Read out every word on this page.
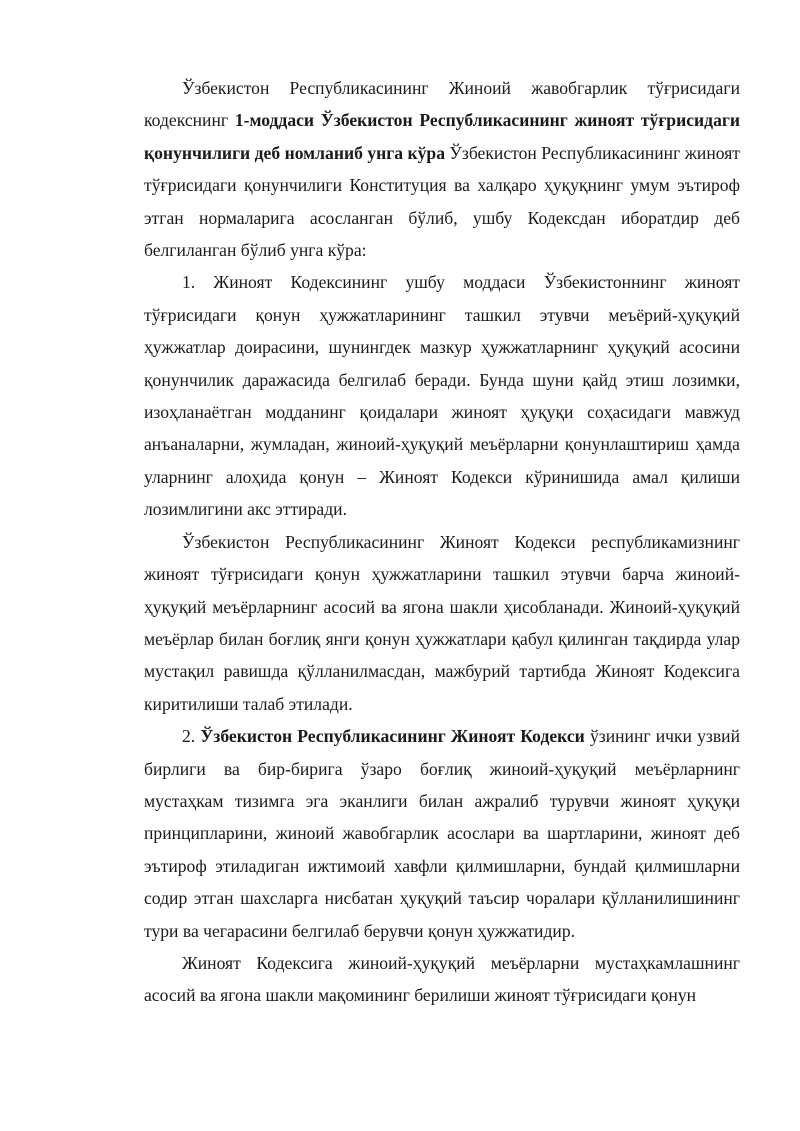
Ўзбекистон Республикасининг Жиноий жавобгарлик тўғрисидаги кодекснинг 1-моддаси Ўзбекистон Республикасининг жиноят тўғрисидаги қонунчилиги деб номланиб унга кўра Ўзбекистон Республикасининг жиноят тўғрисидаги қонунчилиги Конституция ва халқаро ҳуқуқнинг умум эътироф этган нормаларига асосланган бўлиб, ушбу Кодексдан иборатдир деб белгиланган бўлиб унга кўра:

1. Жиноят Кодексининг ушбу моддаси Ўзбекистоннинг жиноят тўғрисидаги қонун ҳужжатларининг ташкил этувчи меъёрий-ҳуқуқий ҳужжатлар доирасини, шунингдек мазкур ҳужжатларнинг ҳуқуқий асосини қонунчилик даражасида белгилаб беради. Бунда шуни қайд этиш лозимки, изоҳланаётган модданинг қоидалари жиноят ҳуқуқи соҳасидаги мавжуд анъаналарни, жумладан, жиноий-ҳуқуқий меъёрларни қонунлаштириш ҳамда уларнинг алоҳида қонун – Жиноят Кодекси кўринишида амал қилиши лозимлигини акс эттиради.

Ўзбекистон Республикасининг Жиноят Кодекси республикамизнинг жиноят тўғрисидаги қонун ҳужжатларини ташкил этувчи барча жиноий-ҳуқуқий меъёрларнинг асосий ва ягона шакли ҳисобланади. Жиноий-ҳуқуқий меъёрлар билан боғлиқ янги қонун ҳужжатлари қабул қилинган тақдирда улар мустақил равишда қўлланилмасдан, мажбурий тартибда Жиноят Кодексига киритилиши талаб этилади.

2. Ўзбекистон Республикасининг Жиноят Кодекси ўзининг ички узвий бирлиги ва бир-бирига ўзаро боғлиқ жиноий-ҳуқуқий меъёрларнинг мустаҳкам тизимга эга эканлиги билан ажралиб турувчи жиноят ҳуқуқи принципларини, жиноий жавобгарлик асослари ва шартларини, жиноят деб эътироф этиладиган ижтимоий хавфли қилмишларни, бундай қилмишларни содир этган шахсларга нисбатан ҳуқуқий таъсир чоралари қўлланилишининг тури ва чегарасини белгилаб берувчи қонун ҳужжатидир.

Жиноят Кодексига жиноий-ҳуқуқий меъёрларни мустаҳкамлашнинг асосий ва ягона шакли мақомининг берилиши жиноят тўғрисидаги қонун
